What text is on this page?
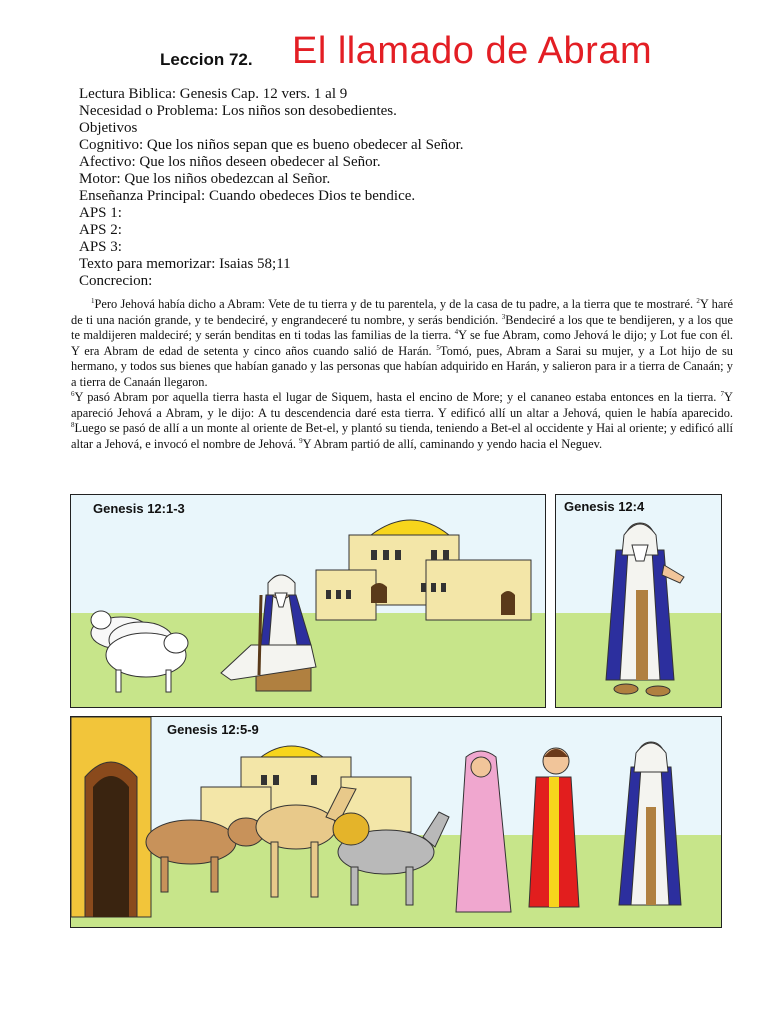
Leccion 72. El llamado de Abram
Lectura Biblica: Genesis Cap. 12 vers. 1 al 9
Necesidad o Problema: Los niños son desobedientes.
Objetivos
Cognitivo: Que los niños sepan que es bueno obedecer al Señor.
Afectivo: Que los niños deseen obedecer al Señor.
Motor: Que los niños obedezcan al Señor.
Enseñanza Principal: Cuando obedeces Dios te bendice.
APS 1:
APS 2:
APS 3:
Texto para memorizar: Isaias 58;11
Concrecion:

$^1$Pero Jehová había dicho a Abram: Vete de tu tierra y de tu parentela, y de la casa de tu padre, a la tierra que te mostraré. $^2$Y haré de ti una nación grande, y te bendeciré, y engrandeceré tu nombre, y serás bendición. $^3$Bendeciré a los que te bendijeren, y a los que te maldijeren maldeciré; y serán benditas en ti todas las familias de la tierra. $^4$Y se fue Abram, como Jehová le dijo; y Lot fue con él. Y era Abram de edad de setenta y cinco años cuando salió de Harán. $^5$Tomó, pues, Abram a Sarai su mujer, y a Lot hijo de su hermano, y todos sus bienes que habían ganado y las personas que habían adquirido en Harán, y salieron para ir a tierra de Canaán; y a tierra de Canaán llegaron.

$^6$Y pasó Abram por aquella tierra hasta el lugar de Siquem, hasta el encino de More; y el cananeo estaba entonces en la tierra. $^7$Y apareció Jehová a Abram, y le dijo: A tu descendencia daré esta tierra. Y edificó allí un altar a Jehová, quien le había aparecido. $^8$Luego se pasó de allí a un monte al oriente de Bet-el, y plantó su tienda, teniendo a Bet-el al occidente y Hai al oriente; y edificó allí altar a Jehová, e invocó el nombre de Jehová. $^9$Y Abram partió de allí, caminando y yendo hacia el Neguev.

Genesis 12:1-3	Genesis 12:4
Genesis 12:5-9
